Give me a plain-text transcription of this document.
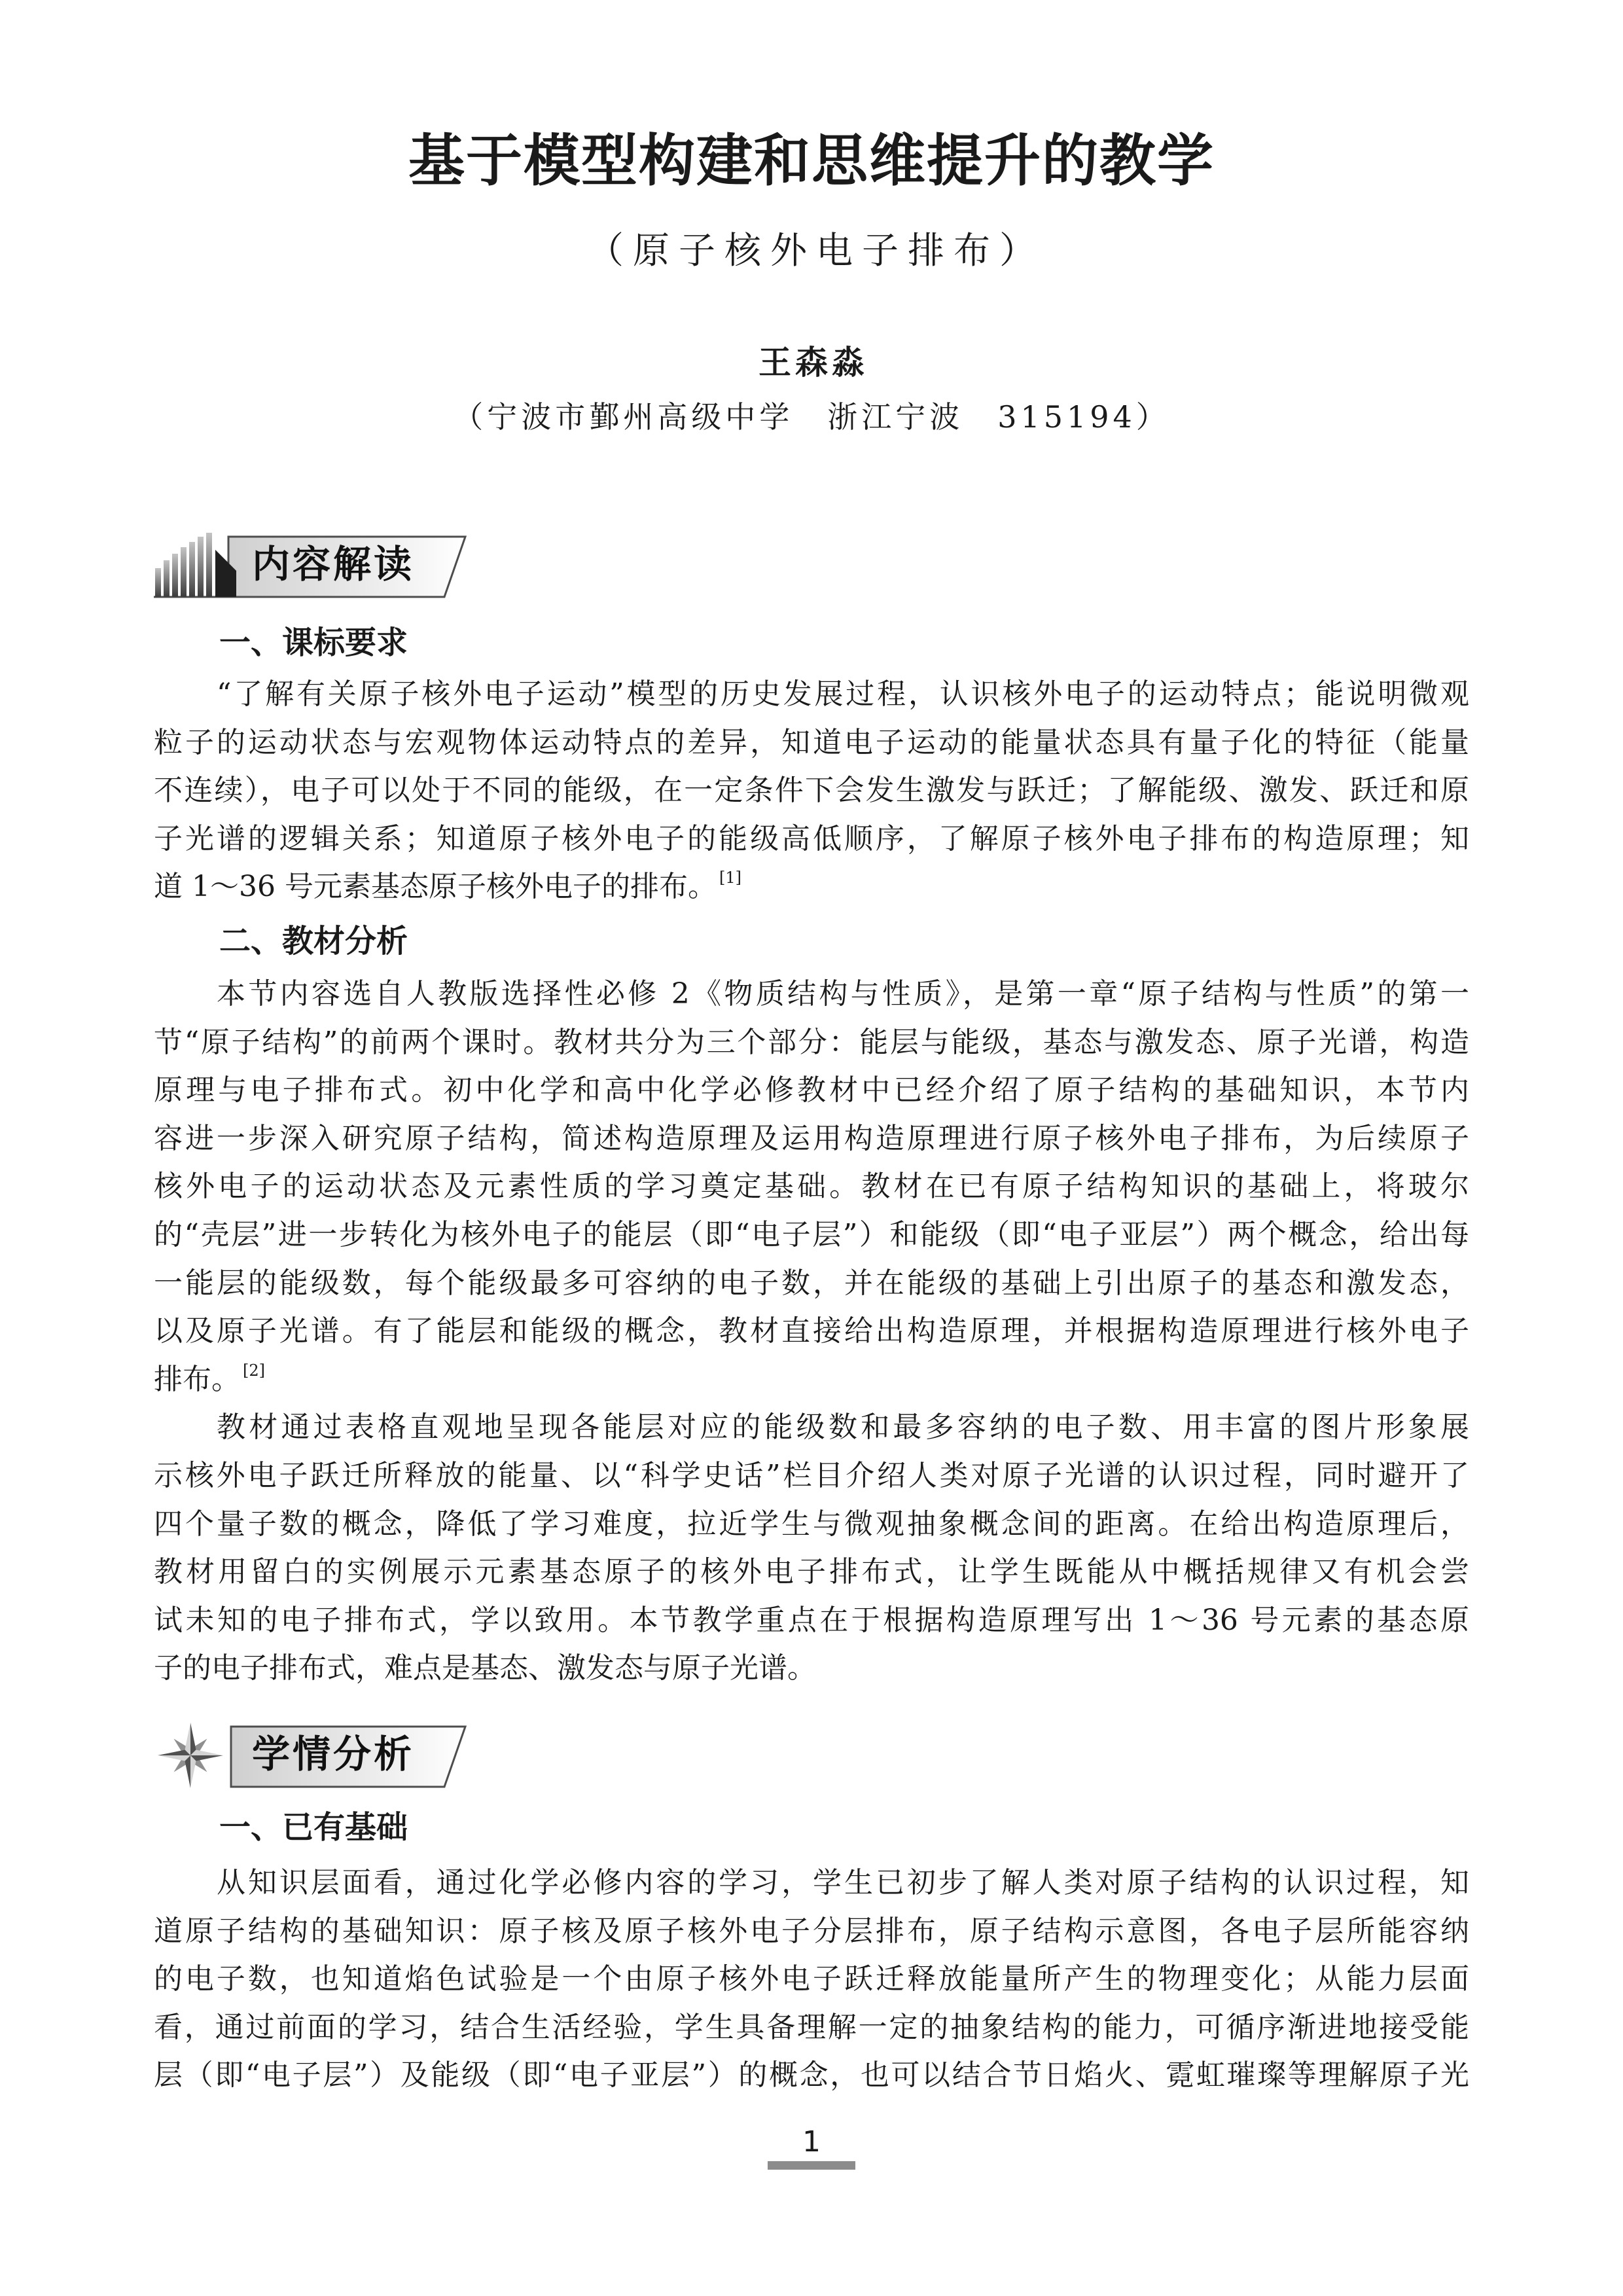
基于模型构建和思维提升的教学
（原子核外电子排布）
王森淼
（宁波市鄞州高级中学　浙江宁波　315194）
内容解读
一、课标要求
“了解有关原子核外电子运动”模型的历史发展过程，认识核外电子的运动特点；能说明微观
粒子的运动状态与宏观物体运动特点的差异，知道电子运动的能量状态具有量子化的特征（能量
不连续），电子可以处于不同的能级，在一定条件下会发生激发与跃迁；了解能级、激发、跃迁和原
子光谱的逻辑关系；知道原子核外电子的能级高低顺序，了解原子核外电子排布的构造原理；知
道 1～36 号元素基态原子核外电子的排布。 [1]
二、教材分析
本节内容选自人教版选择性必修 2《物质结构与性质》，是第一章“原子结构与性质”的第一
节“原子结构”的前两个课时。教材共分为三个部分：能层与能级，基态与激发态、原子光谱，构造
原理与电子排布式。初中化学和高中化学必修教材中已经介绍了原子结构的基础知识，本节内
容进一步深入研究原子结构，简述构造原理及运用构造原理进行原子核外电子排布，为后续原子
核外电子的运动状态及元素性质的学习奠定基础。教材在已有原子结构知识的基础上，将玻尔
的“壳层”进一步转化为核外电子的能层（即“电子层”）和能级（即“电子亚层”）两个概念，给出每
一能层的能级数，每个能级最多可容纳的电子数，并在能级的基础上引出原子的基态和激发态，
以及原子光谱。有了能层和能级的概念，教材直接给出构造原理，并根据构造原理进行核外电子
排布。 [2]
教材通过表格直观地呈现各能层对应的能级数和最多容纳的电子数、用丰富的图片形象展
示核外电子跃迁所释放的能量、以“科学史话”栏目介绍人类对原子光谱的认识过程，同时避开了
四个量子数的概念，降低了学习难度，拉近学生与微观抽象概念间的距离。在给出构造原理后，
教材用留白的实例展示元素基态原子的核外电子排布式，让学生既能从中概括规律又有机会尝
试未知的电子排布式，学以致用。本节教学重点在于根据构造原理写出 1～36 号元素的基态原
子的电子排布式，难点是基态、激发态与原子光谱。
学情分析
一、已有基础
从知识层面看，通过化学必修内容的学习，学生已初步了解人类对原子结构的认识过程，知
道原子结构的基础知识：原子核及原子核外电子分层排布，原子结构示意图，各电子层所能容纳
的电子数，也知道焰色试验是一个由原子核外电子跃迁释放能量所产生的物理变化；从能力层面
看，通过前面的学习，结合生活经验，学生具备理解一定的抽象结构的能力，可循序渐进地接受能
层（即“电子层”）及能级（即“电子亚层”）的概念，也可以结合节日焰火、霓虹璀璨等理解原子光
1
